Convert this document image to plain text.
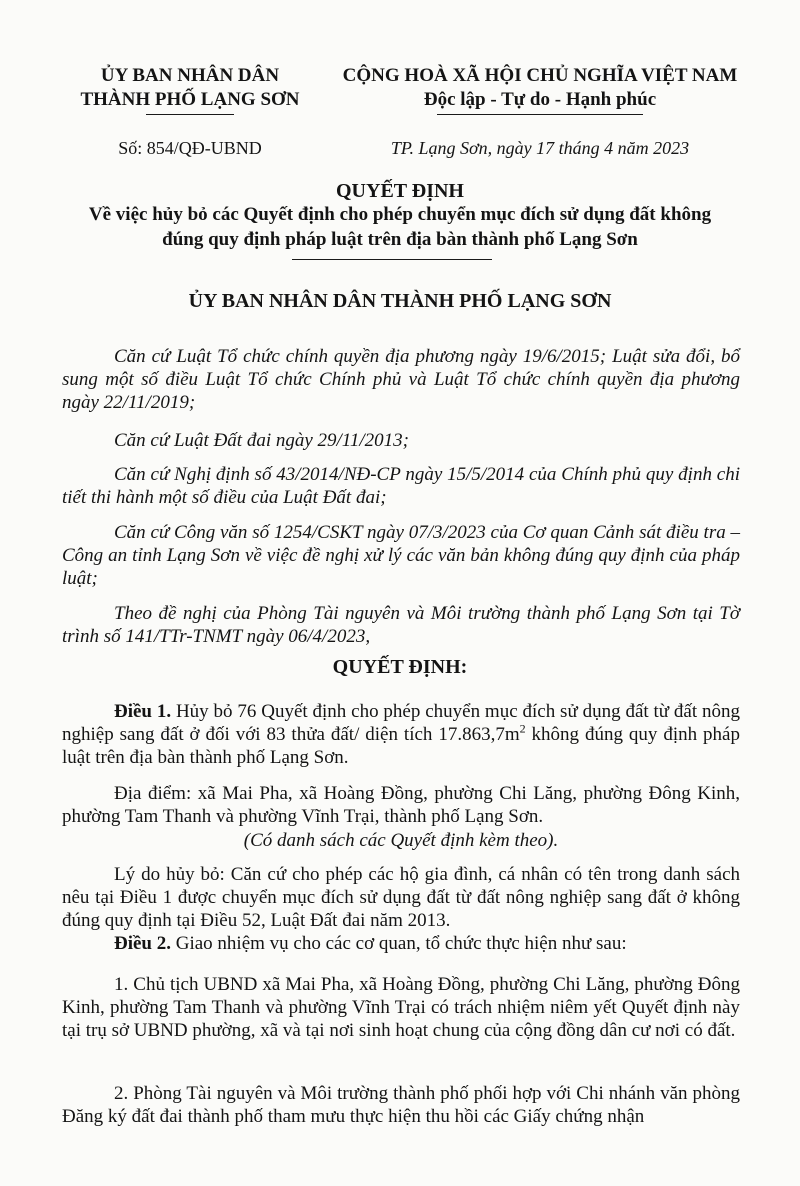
ỦY BAN NHÂN DÂN
THÀNH PHỐ LẠNG SƠN
CỘNG HOÀ XÃ HỘI CHỦ NGHĨA VIỆT NAM
Độc lập - Tự do - Hạnh phúc
Số: 854/QĐ-UBND	TP. Lạng Sơn, ngày 17 tháng 4 năm 2023
QUYẾT ĐỊNH
Về việc hủy bỏ các Quyết định cho phép chuyển mục đích sử dụng đất không
đúng quy định pháp luật trên địa bàn thành phố Lạng Sơn
ỦY BAN NHÂN DÂN THÀNH PHỐ LẠNG SƠN
Căn cứ Luật Tổ chức chính quyền địa phương ngày 19/6/2015; Luật sửa đổi, bổ sung một số điều Luật Tổ chức Chính phủ và Luật Tổ chức chính quyền địa phương ngày 22/11/2019;
Căn cứ Luật Đất đai ngày 29/11/2013;
Căn cứ Nghị định số 43/2014/NĐ-CP ngày 15/5/2014 của Chính phủ quy định chi tiết thi hành một số điều của Luật Đất đai;
Căn cứ Công văn số 1254/CSKT ngày 07/3/2023 của Cơ quan Cảnh sát điều tra – Công an tỉnh Lạng Sơn về việc đề nghị xử lý các văn bản không đúng quy định của pháp luật;
Theo đề nghị của Phòng Tài nguyên và Môi trường thành phố Lạng Sơn tại Tờ trình số 141/TTr-TNMT ngày 06/4/2023,
QUYẾT ĐỊNH:
Điều 1. Hủy bỏ 76 Quyết định cho phép chuyển mục đích sử dụng đất từ đất nông nghiệp sang đất ở đối với 83 thửa đất/ diện tích $17.863,7m^2$ không đúng quy định pháp luật trên địa bàn thành phố Lạng Sơn.
Địa điểm: xã Mai Pha, xã Hoàng Đồng, phường Chi Lăng, phường Đông Kinh, phường Tam Thanh và phường Vĩnh Trại, thành phố Lạng Sơn.
(Có danh sách các Quyết định kèm theo).
Lý do hủy bỏ: Căn cứ cho phép các hộ gia đình, cá nhân có tên trong danh sách nêu tại Điều 1 được chuyển mục đích sử dụng đất từ đất nông nghiệp sang đất ở không đúng quy định tại Điều 52, Luật Đất đai năm 2013.
Điều 2. Giao nhiệm vụ cho các cơ quan, tổ chức thực hiện như sau:
1. Chủ tịch UBND xã Mai Pha, xã Hoàng Đồng, phường Chi Lăng, phường Đông Kinh, phường Tam Thanh và phường Vĩnh Trại có trách nhiệm niêm yết Quyết định này tại trụ sở UBND phường, xã và tại nơi sinh hoạt chung của cộng đồng dân cư nơi có đất.
2. Phòng Tài nguyên và Môi trường thành phố phối hợp với Chi nhánh văn phòng Đăng ký đất đai thành phố tham mưu thực hiện thu hồi các Giấy chứng nhận
